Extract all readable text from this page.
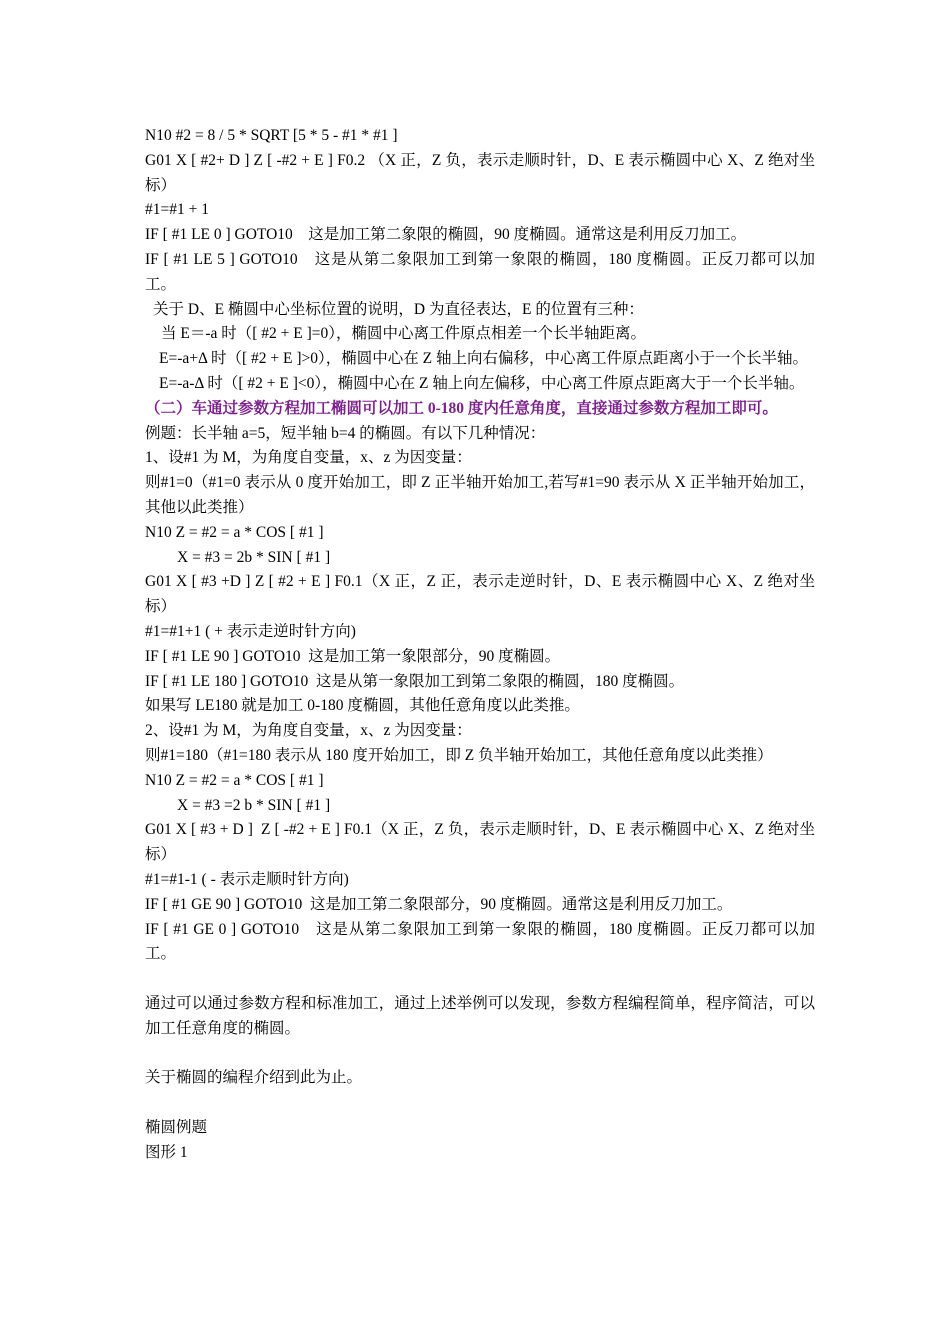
N10 #2 = 8 / 5 * SQRT [5 * 5 - #1 * #1 ]

G01 X [ #2+ D ] Z [ -#2 + E ] F0.2 （X 正，Z 负，表示走顺时针，D、E 表示椭圆中心 X、Z 绝对坐标）

#1=#1 + 1

IF [ #1 LE 0 ] GOTO10　这是加工第二象限的椭圆，90 度椭圆。通常这是利用反刀加工。

IF [ #1 LE 5 ] GOTO10　这是从第二象限加工到第一象限的椭圆，180 度椭圆。正反刀都可以加工。

关于 D、E 椭圆中心坐标位置的说明，D 为直径表达，E 的位置有三种：

当 E＝-a 时（[ #2 + E ]=0），椭圆中心离工件原点相差一个长半轴距离。

E=-a+Δ 时（[ #2 + E ]>0），椭圆中心在 Z 轴上向右偏移，中心离工件原点距离小于一个长半轴。

E=-a-Δ 时（[ #2 + E ]<0），椭圆中心在 Z 轴上向左偏移，中心离工件原点距离大于一个长半轴。

（二）车通过参数方程加工椭圆可以加工 0-180 度内任意角度，直接通过参数方程加工即可。

例题：长半轴 a=5，短半轴 b=4 的椭圆。有以下几种情况：

1、设#1 为 M，为角度自变量，x、z 为因变量：

则#1=0（#1=0 表示从 0 度开始加工，即 Z 正半轴开始加工,若写#1=90 表示从 X 正半轴开始加工，其他以此类推）

N10 Z = #2 = a * COS [ #1 ]

X = #3 = 2b * SIN [ #1 ]

G01 X [ #3 +D ] Z [ #2 + E ] F0.1（X 正，Z 正，表示走逆时针，D、E 表示椭圆中心 X、Z 绝对坐标）

#1=#1+1 ( + 表示走逆时针方向)

IF [ #1 LE 90 ] GOTO10  这是加工第一象限部分，90 度椭圆。

IF [ #1 LE 180 ] GOTO10  这是从第一象限加工到第二象限的椭圆，180 度椭圆。

如果写 LE180 就是加工 0-180 度椭圆，其他任意角度以此类推。

2、设#1 为 M，为角度自变量，x、z 为因变量：

则#1=180（#1=180 表示从 180 度开始加工，即 Z 负半轴开始加工，其他任意角度以此类推）

N10 Z = #2 = a * COS [ #1 ]

X = #3 =2 b * SIN [ #1 ]

G01 X [ #3 + D ]  Z [ -#2 + E ] F0.1（X 正，Z 负，表示走顺时针，D、E 表示椭圆中心 X、Z 绝对坐标）

#1=#1-1 ( - 表示走顺时针方向)

IF [ #1 GE 90 ] GOTO10  这是加工第二象限部分，90 度椭圆。通常这是利用反刀加工。

IF [ #1 GE 0 ] GOTO10　这是从第二象限加工到第一象限的椭圆，180 度椭圆。正反刀都可以加工。

通过可以通过参数方程和标准加工，通过上述举例可以发现，参数方程编程简单，程序简洁，可以加工任意角度的椭圆。

关于椭圆的编程介绍到此为止。

椭圆例题

图形 1
